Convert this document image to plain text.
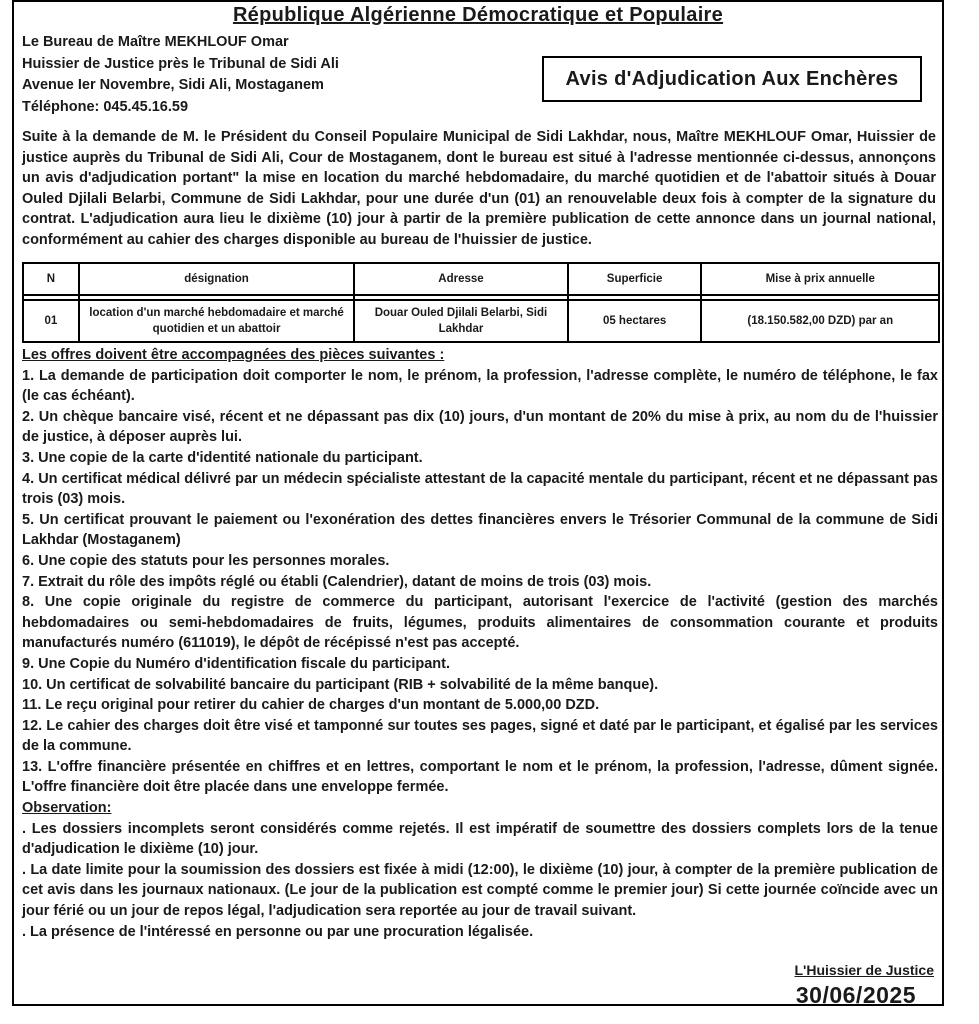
République Algérienne Démocratique et Populaire
Le Bureau de Maître MEKHLOUF Omar
Huissier de Justice près le Tribunal de Sidi Ali
Avenue Ier Novembre, Sidi Ali, Mostaganem
Téléphone: 045.45.16.59
Avis d'Adjudication Aux Enchères
Suite à la demande de M. le Président du Conseil Populaire Municipal de Sidi Lakhdar, nous, Maître MEKHLOUF Omar, Huissier de justice auprès du Tribunal de Sidi Ali, Cour de Mostaganem, dont le bureau est situé à l'adresse mentionnée ci-dessus, annonçons un avis d'adjudication portant" la mise en location du marché hebdomadaire, du marché quotidien et de l'abattoir situés à Douar Ouled Djilali Belarbi, Commune de Sidi Lakhdar, pour une durée d'un (01) an renouvelable deux fois à compter de la signature du contrat. L'adjudication aura lieu le dixième (10) jour à partir de la première publication de cette annonce dans un journal national, conformément au cahier des charges disponible au bureau de l'huissier de justice.
N	désignation	Adresse	Superficie	Mise à prix annuelle

01	location d'un marché hebdomadaire et marché quotidien et un abattoir	Douar Ouled Djilali Belarbi, Sidi Lakhdar	05 hectares	(18.150.582,00 DZD) par an

Les offres doivent être accompagnées des pièces suivantes :

1. La demande de participation doit comporter le nom, le prénom, la profession, l'adresse complète, le numéro de téléphone, le fax (le cas échéant).

2. Un chèque bancaire visé, récent et ne dépassant pas dix (10) jours, d'un montant de 20% du mise à prix, au nom du de l'huissier de justice, à déposer auprès lui.

3. Une copie de la carte d'identité nationale du participant.

4. Un certificat médical délivré par un médecin spécialiste attestant de la capacité mentale du participant, récent et ne dépassant pas trois (03) mois.

5. Un certificat prouvant le paiement ou l'exonération des dettes financières envers le Trésorier Communal de la commune de Sidi Lakhdar (Mostaganem)

6. Une copie des statuts pour les personnes morales.

7. Extrait du rôle des impôts réglé ou établi (Calendrier), datant de moins de trois (03) mois.

8. Une copie originale du registre de commerce du participant, autorisant l'exercice de l'activité (gestion des marchés hebdomadaires ou semi-hebdomadaires de fruits, légumes, produits alimentaires de consommation courante et produits manufacturés numéro (611019), le dépôt de récépissé n'est pas accepté.

9. Une Copie du Numéro d'identification fiscale du participant.

10. Un certificat de solvabilité bancaire du participant (RIB + solvabilité de la même banque).

11. Le reçu original pour retirer du cahier de charges d'un montant de 5.000,00 DZD.

12. Le cahier des charges doit être visé et tamponné sur toutes ses pages, signé et daté par le participant, et égalisé par les services de la commune.

13. L'offre financière présentée en chiffres et en lettres, comportant le nom et le prénom, la profession, l'adresse, dûment signée. L'offre financière doit être placée dans une enveloppe fermée.

Observation:

. Les dossiers incomplets seront considérés comme rejetés. Il est impératif de soumettre des dossiers complets lors de la tenue d'adjudication le dixième (10) jour.

. La date limite pour la soumission des dossiers est fixée à midi (12:00), le dixième (10) jour, à compter de la première publication de cet avis dans les journaux nationaux. (Le jour de la publication est compté comme le premier jour) Si cette journée coïncide avec un jour férié ou un jour de repos légal, l'adjudication sera reportée au jour de travail suivant.

. La présence de l'intéressé en personne ou par une procuration légalisée.

L'Huissier de Justice
30/06/2025
